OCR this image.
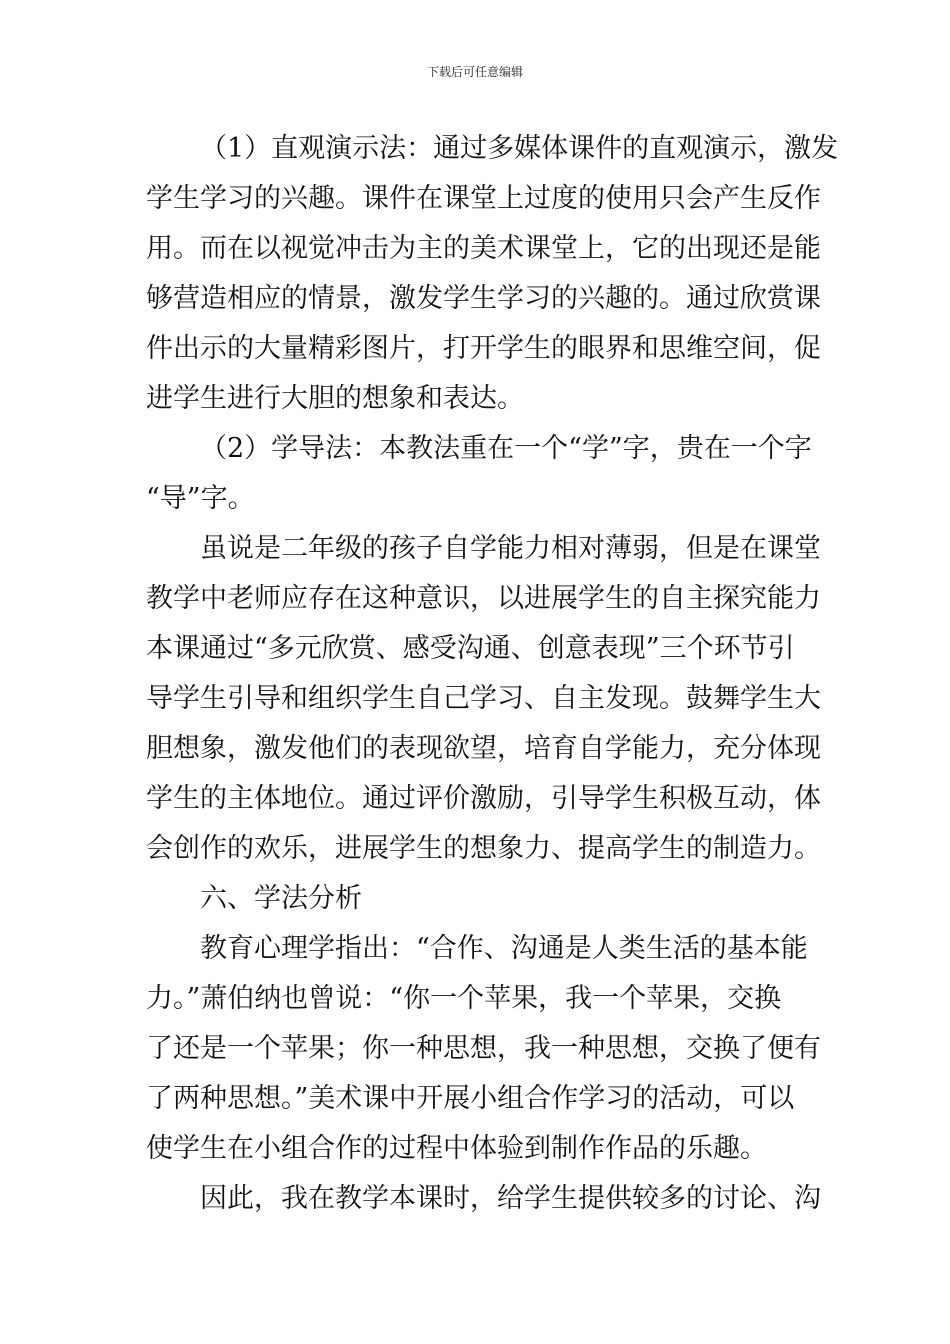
下载后可任意编辑
（1）直观演示法：通过多媒体课件的直观演示，激发
学生学习的兴趣。课件在课堂上过度的使用只会产生反作
用。而在以视觉冲击为主的美术课堂上，它的出现还是能
够营造相应的情景，激发学生学习的兴趣的。通过欣赏课
件出示的大量精彩图片，打开学生的眼界和思维空间，促
进学生进行大胆的想象和表达。
（2）学导法：本教法重在一个“学”字，贵在一个字
“导”字。
虽说是二年级的孩子自学能力相对薄弱，但是在课堂
教学中老师应存在这种意识，以进展学生的自主探究能力
本课通过“多元欣赏、感受沟通、创意表现”三个环节引
导学生引导和组织学生自己学习、自主发现。鼓舞学生大
胆想象，激发他们的表现欲望，培育自学能力，充分体现
学生的主体地位。通过评价激励，引导学生积极互动，体
会创作的欢乐，进展学生的想象力、提高学生的制造力。
六、学法分析
教育心理学指出：“合作、沟通是人类生活的基本能
力。”萧伯纳也曾说：“你一个苹果，我一个苹果，交换
了还是一个苹果；你一种思想，我一种思想，交换了便有
了两种思想。”美术课中开展小组合作学习的活动，可以
使学生在小组合作的过程中体验到制作作品的乐趣。
因此，我在教学本课时，给学生提供较多的讨论、沟
